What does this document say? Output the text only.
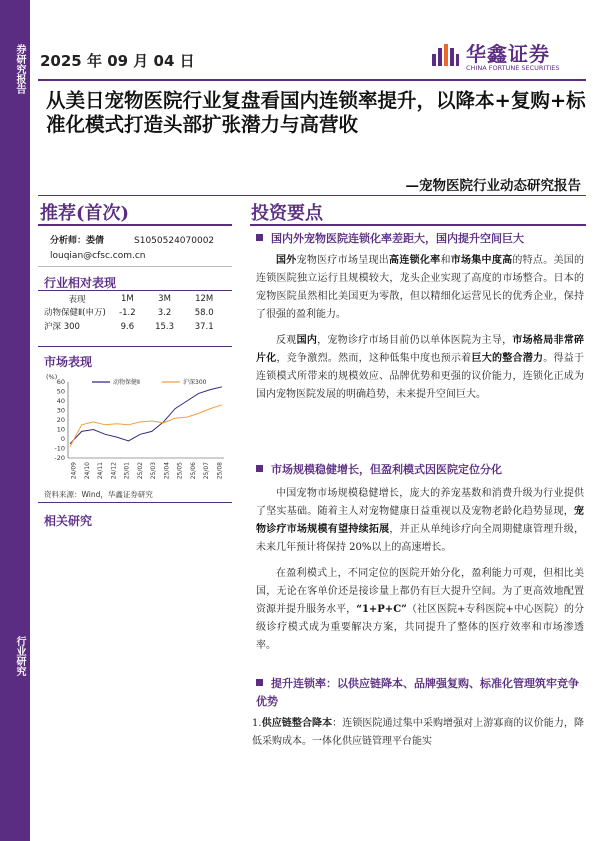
券研究报告
行业研究
2025 年 09 月 04 日	华鑫证券
CHINA FORTUNE SECURITIES
从美日宠物医院行业复盘看国内连锁率提升，以降本+复购+标准化模式打造头部扩张潜力与高营收
—宠物医院行业动态研究报告
推荐(首次)
分析师：娄倩	S1050524070002
louqian@cfsc.com.cn
行业相对表现
表现	1M	3M	12M
动物保健Ⅱ(申万)	-1.2	3.2	58.0
沪深 300	9.6	15.3	37.1
市场表现
(%)
60
50
40
30
20
10
0
-10
-20
24/09 24/10 24/11 24/12 25/01 25/02 25/03 25/04 25/05 25/06 25/07 25/08
动物保健Ⅱ	沪深300
资料来源：Wind，华鑫证券研究
相关研究
投资要点
国内外宠物医院连锁化率差距大，国内提升空间巨大

国外宠物医疗市场呈现出高连锁化率和市场集中度高的特点。美国的连锁医院独立运行且规模较大，龙头企业实现了高度的市场整合。日本的宠物医院虽然相比美国更为零散，但以精细化运营见长的优秀企业，保持了很强的盈利能力。

反观国内，宠物诊疗市场目前仍以单体医院为主导，市场格局非常碎片化，竞争激烈。然而，这种低集中度也预示着巨大的整合潜力。得益于连锁模式所带来的规模效应、品牌优势和更强的议价能力，连锁化正成为国内宠物医院发展的明确趋势，未来提升空间巨大。

市场规模稳健增长，但盈利模式因医院定位分化

中国宠物市场规模稳健增长，庞大的养宠基数和消费升级为行业提供了坚实基础。随着主人对宠物健康日益重视以及宠物老龄化趋势显现，宠物诊疗市场规模有望持续拓展，并正从单纯诊疗向全周期健康管理升级，未来几年预计将保持 20%以上的高速增长。

在盈利模式上，不同定位的医院开始分化，盈利能力可观，但相比美国，无论在客单价还是接诊量上都仍有巨大提升空间。为了更高效地配置资源并提升服务水平，“1+P+C”（社区医院+专科医院+中心医院）的分级诊疗模式成为重要解决方案，共同提升了整体的医疗效率和市场渗透率。

提升连锁率：以供应链降本、品牌强复购、标准化管理筑牢竞争优势
1.供应链整合降本：连锁医院通过集中采购增强对上游寡商的议价能力，降低采购成本。一体化供应链管理平台能实
